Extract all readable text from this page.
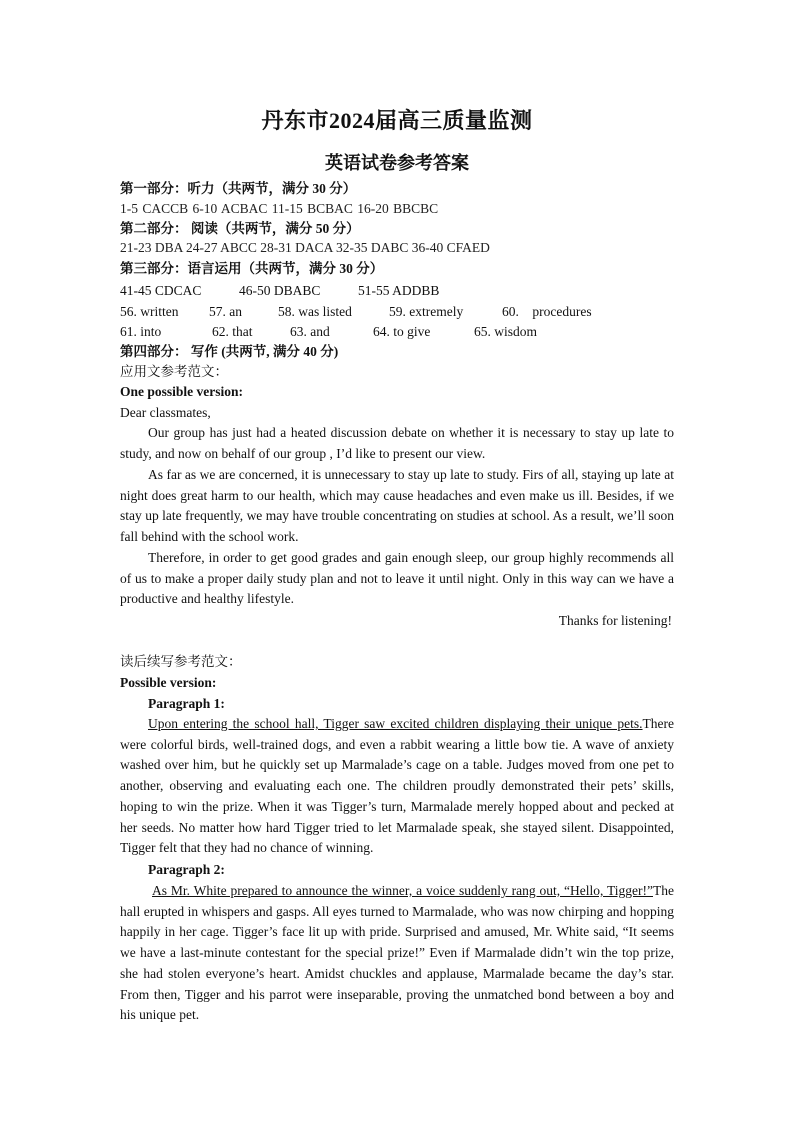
丹东市2024届高三质量监测
英语试卷参考答案
第一部分：听力（共两节，满分 30 分）
1-5 CACCB 6-10 ACBAC 11-15 BCBAC 16-20 BBCBC
第二部分： 阅读（共两节，满分 50 分）
21-23 DBA 24-27 ABCC 28-31 DACA 32-35 DABC 36-40 CFAED
第三部分：语言运用（共两节，满分 30 分）
41-45 CDCAC	46-50 DBABC	51-55 ADDBB
56. written 57. an	58. was listed	59. extremely	60.    procedures
61. into	62. that	63. and	64. to give	65. wisdom
第四部分： 写作 (共两节, 满分 40 分)
应用文参考范文：
One possible version:
Dear classmates,

Our group has just had a heated discussion debate on whether it is necessary to stay up late to study, and now on behalf of our group , I’d like to present our view.

As far as we are concerned, it is unnecessary to stay up late to study. Firs of all, staying up late at night does great harm to our health, which may cause headaches and even make us ill. Besides, if we stay up late frequently, we may have trouble concentrating on studies at school. As a result, we’ll soon fall behind with the school work.

Therefore, in order to get good grades and gain enough sleep, our group highly recommends all of us to make a proper daily study plan and not to leave it until night. Only in this way can we have a productive and healthy lifestyle.

Thanks for listening!
读后续写参考范文：
Possible version:
Paragraph 1:

Upon entering the school hall, Tigger saw excited children displaying their unique pets.There were colorful birds, well-trained dogs, and even a rabbit wearing a little bow tie. A wave of anxiety washed over him, but he quickly set up Marmalade’s cage on a table. Judges moved from one pet to another, observing and evaluating each one. The children proudly demonstrated their pets’ skills, hoping to win the prize. When it was Tigger’s turn, Marmalade merely hopped about and pecked at her seeds. No matter how hard Tigger tried to let Marmalade speak, she stayed silent. Disappointed, Tigger felt that they had no chance of winning.

Paragraph 2:

As Mr. White prepared to announce the winner, a voice suddenly rang out, “Hello, Tigger!”The hall erupted in whispers and gasps. All eyes turned to Marmalade, who was now chirping and hopping happily in her cage. Tigger’s face lit up with pride. Surprised and amused, Mr. White said, “It seems we have a last-minute contestant for the special prize!” Even if Marmalade didn’t win the top prize, she had stolen everyone’s heart. Amidst chuckles and applause, Marmalade became the day’s star. From then, Tigger and his parrot were inseparable, proving the unmatched bond between a boy and his unique pet.
